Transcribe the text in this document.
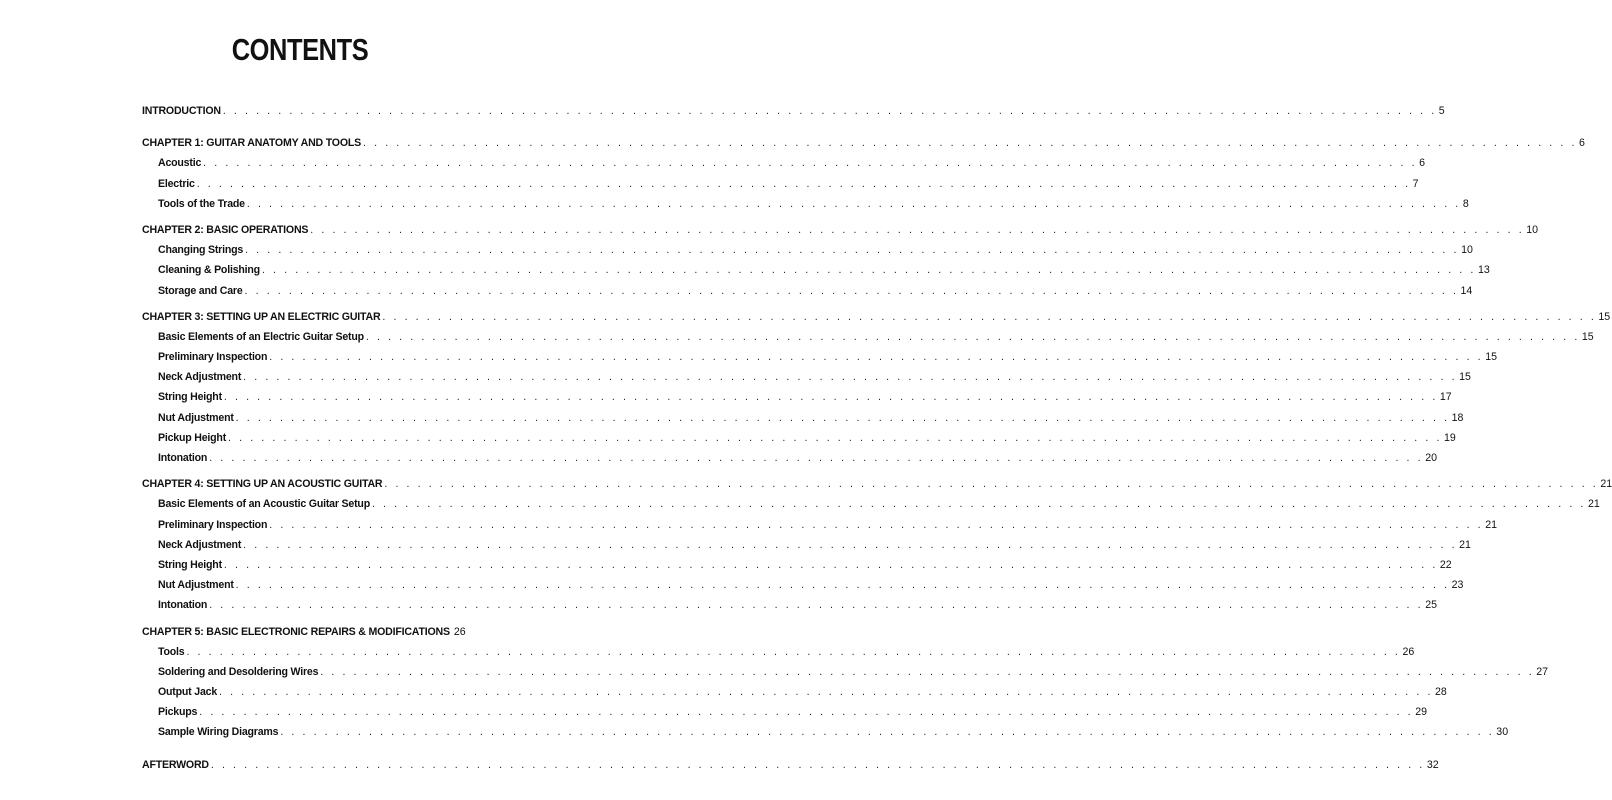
CONTENTS
INTRODUCTION . . .	5
CHAPTER 1: GUITAR ANATOMY AND TOOLS . . .	6
Acoustic . . .	6
Electric . . .	7
Tools of the Trade . . .	8
CHAPTER 2: BASIC OPERATIONS . . .	10
Changing Strings . . .	10
Cleaning & Polishing . . .	13
Storage and Care . . .	14
CHAPTER 3: SETTING UP AN ELECTRIC GUITAR . . .	15
Basic Elements of an Electric Guitar Setup . . .	15
Preliminary Inspection . . .	15
Neck Adjustment . . .	15
String Height . . .	17
Nut Adjustment . . .	18
Pickup Height . . .	19
Intonation . . .	20
CHAPTER 4: SETTING UP AN ACOUSTIC GUITAR . . .	21
Basic Elements of an Acoustic Guitar Setup . . .	21
Preliminary Inspection . . .	21
Neck Adjustment . . .	21
String Height . . .	22
Nut Adjustment . . .	23
Intonation . . .	25
CHAPTER 5: BASIC ELECTRONIC REPAIRS & MODIFICATIONS 26
Tools . . .	26
Soldering and Desoldering Wires . . .	27
Output Jack . . .	28
Pickups . . .	29
Sample Wiring Diagrams . . .	30
AFTERWORD . . .	32
